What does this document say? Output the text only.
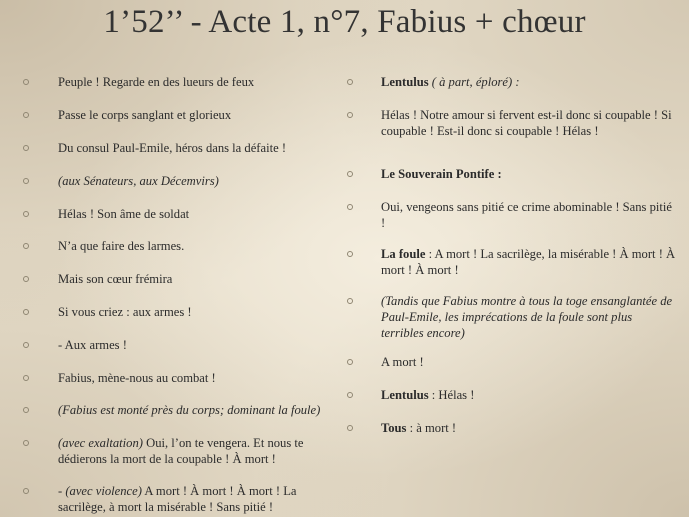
1’52’’ - Acte 1, n°7, Fabius + chœur
Peuple ! Regarde en des lueurs de feux
Passe le corps sanglant et glorieux
Du consul Paul-Emile, héros dans la défaite !
(aux Sénateurs, aux Décemvirs)
Hélas ! Son âme de soldat
N’a que faire des larmes.
Mais son cœur frémira
Si vous criez : aux armes !
- Aux armes !
Fabius, mène-nous au combat !
(Fabius est monté près du corps; dominant la foule)
(avec exaltation) Oui, l’on te vengera. Et nous te dédierons la mort de la coupable ! À mort !
- (avec violence) A mort ! À mort ! À mort ! La sacrilège, à mort la misérable ! Sans pitié !
Lentulus ( à part, éploré) :
Hélas ! Notre amour si fervent est-il donc si coupable ! Si coupable ! Est-il donc si coupable ! Hélas !
Le Souverain Pontife :
Oui, vengeons sans pitié ce crime abominable ! Sans pitié !
La foule : A mort ! La sacrilège, la misérable ! À mort ! À mort ! À mort !
(Tandis que Fabius montre à tous la toge ensanglantée de Paul-Emile, les imprécations de la foule sont plus terribles encore)
A mort !
Lentulus : Hélas !
Tous : à mort !
